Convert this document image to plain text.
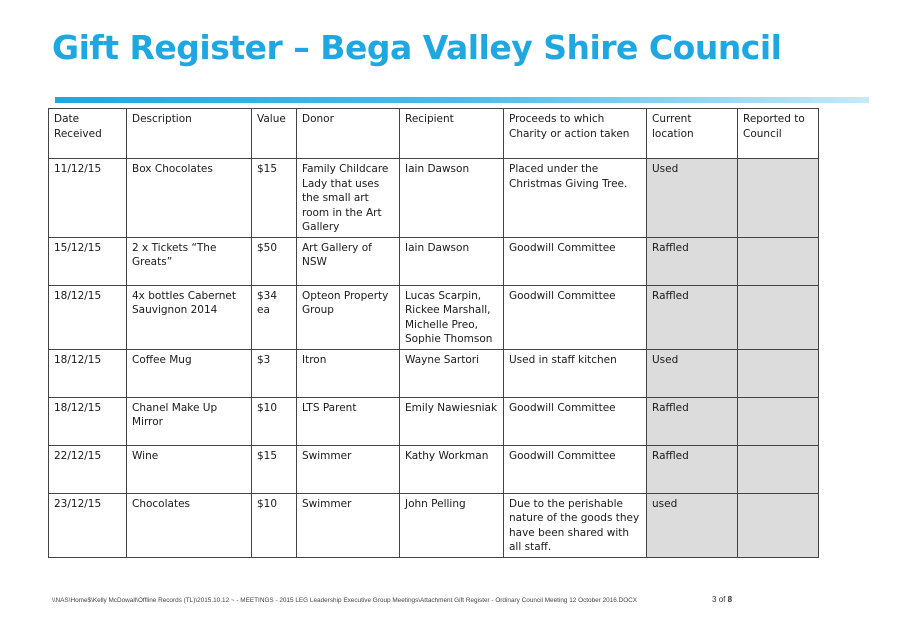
Gift Register – Bega Valley Shire Council
Date Received	Description	Value	Donor	Recipient	Proceeds to which Charity or action taken	Current location	Reported to Council
11/12/15	Box Chocolates	$15	Family Childcare Lady that uses the small art room in the Art Gallery	Iain Dawson	Placed under the Christmas Giving Tree.	Used	
15/12/15	2 x Tickets “The Greats”	$50	Art Gallery of NSW	Iain Dawson	Goodwill Committee	Raffled	
18/12/15	4x bottles Cabernet Sauvignon 2014	$34 ea	Opteon Property Group	Lucas Scarpin, Rickee Marshall, Michelle Preo, Sophie Thomson	Goodwill Committee	Raffled	
18/12/15	Coffee Mug	$3	Itron	Wayne Sartori	Used in staff kitchen	Used	
18/12/15	Chanel Make Up Mirror	$10	LTS Parent	Emily Nawiesniak	Goodwill Committee	Raffled	
22/12/15	Wine	$15	Swimmer	Kathy Workman	Goodwill Committee	Raffled	
23/12/15	Chocolates	$10	Swimmer	John Pelling	Due to the perishable nature of the goods they have been shared with all staff.	used	
\\NAS\Home$\Kelly McDowall\Offline Records (TL)\2015.10.12 ~ - MEETINGS - 2015 LEG Leadership Executive Group Meetings\Attachment Gift Register - Ordinary Council Meeting 12 October 2016.DOCX	3 of 8
